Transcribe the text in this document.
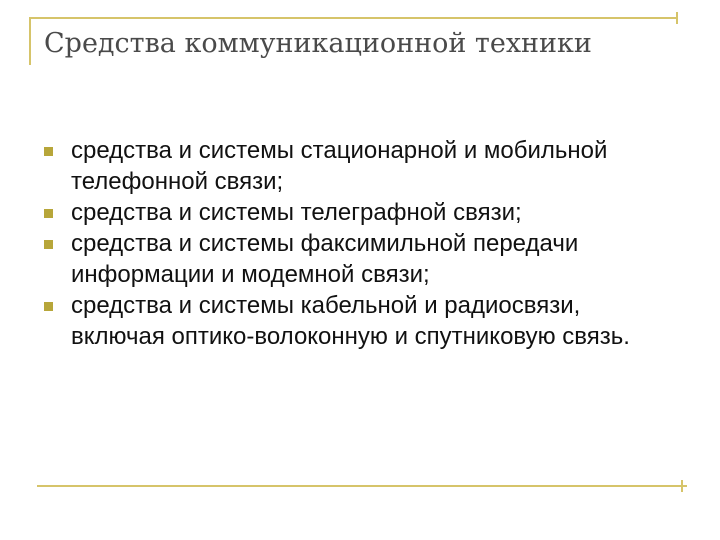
Средства коммуникационной техники
средства и системы стационарной и мобильной телефонной связи;
средства и системы телеграфной связи;
средства и системы факсимильной передачи информации и модемной связи;
средства и системы кабельной и радиосвязи, включая оптико-волоконную и спутниковую связь.
